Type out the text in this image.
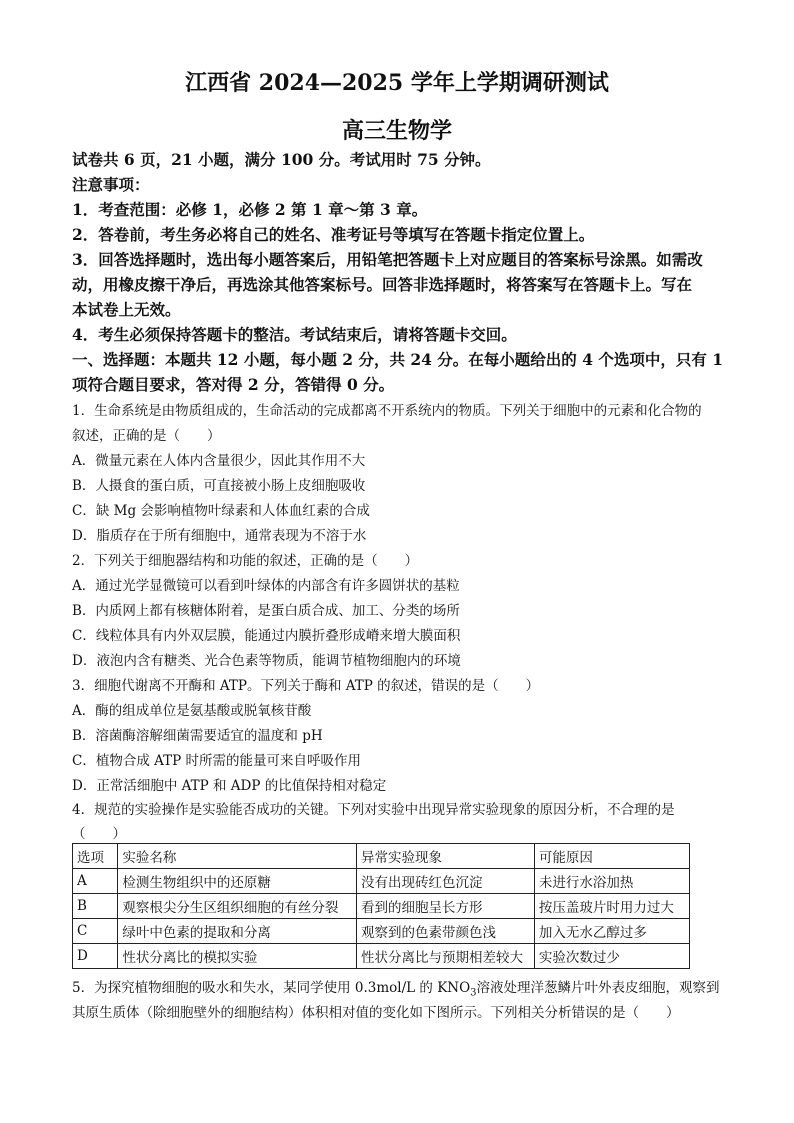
江西省 2024—2025 学年上学期调研测试
高三生物学
试卷共 6 页，21 小题，满分 100 分。考试用时 75 分钟。
注意事项：
1．考查范围：必修 1，必修 2 第 1 章～第 3 章。
2．答卷前，考生务必将自己的姓名、准考证号等填写在答题卡指定位置上。
3．回答选择题时，选出每小题答案后，用铅笔把答题卡上对应题目的答案标号涂黑。如需改
动，用橡皮擦干净后，再选涂其他答案标号。回答非选择题时，将答案写在答题卡上。写在
本试卷上无效。
4．考生必须保持答题卡的整洁。考试结束后，请将答题卡交回。
一、选择题：本题共 12 小题，每小题 2 分，共 24 分。在每小题给出的 4 个选项中，只有 1
项符合题目要求，答对得 2 分，答错得 0 分。
1．生命系统是由物质组成的，生命活动的完成都离不开系统内的物质。下列关于细胞中的元素和化合物的
叙述，正确的是（　　）
A．微量元素在人体内含量很少，因此其作用不大
B．人摄食的蛋白质，可直接被小肠上皮细胞吸收
C．缺 Mg 会影响植物叶绿素和人体血红素的合成
D．脂质存在于所有细胞中，通常表现为不溶于水
2．下列关于细胞器结构和功能的叙述，正确的是（　　）
A．通过光学显微镜可以看到叶绿体的内部含有许多圆饼状的基粒
B．内质网上都有核糖体附着，是蛋白质合成、加工、分类的场所
C．线粒体具有内外双层膜，能通过内膜折叠形成嵴来增大膜面积
D．液泡内含有糖类、光合色素等物质，能调节植物细胞内的环境
3．细胞代谢离不开酶和 ATP。下列关于酶和 ATP 的叙述，错误的是（　　）
A．酶的组成单位是氨基酸或脱氧核苷酸
B．溶菌酶溶解细菌需要适宜的温度和 pH
C．植物合成 ATP 时所需的能量可来自呼吸作用
D．正常活细胞中 ATP 和 ADP 的比值保持相对稳定
4．规范的实验操作是实验能否成功的关键。下列对实验中出现异常实验现象的原因分析，不合理的是
（　　）
选项	实验名称	异常实验现象	可能原因
A	检测生物组织中的还原糖	没有出现砖红色沉淀	未进行水浴加热
B	观察根尖分生区组织细胞的有丝分裂	看到的细胞呈长方形	按压盖玻片时用力过大
C	绿叶中色素的提取和分离	观察到的色素带颜色浅	加入无水乙醇过多
D	性状分离比的模拟实验	性状分离比与预期相差较大	实验次数过少
5．为探究植物细胞的吸水和失水，某同学使用 0.3mol/L 的 $KNO_3$溶液处理洋葱鳞片叶外表皮细胞，观察到
其原生质体（除细胞壁外的细胞结构）体积相对值的变化如下图所示。下列相关分析错误的是（　　）
